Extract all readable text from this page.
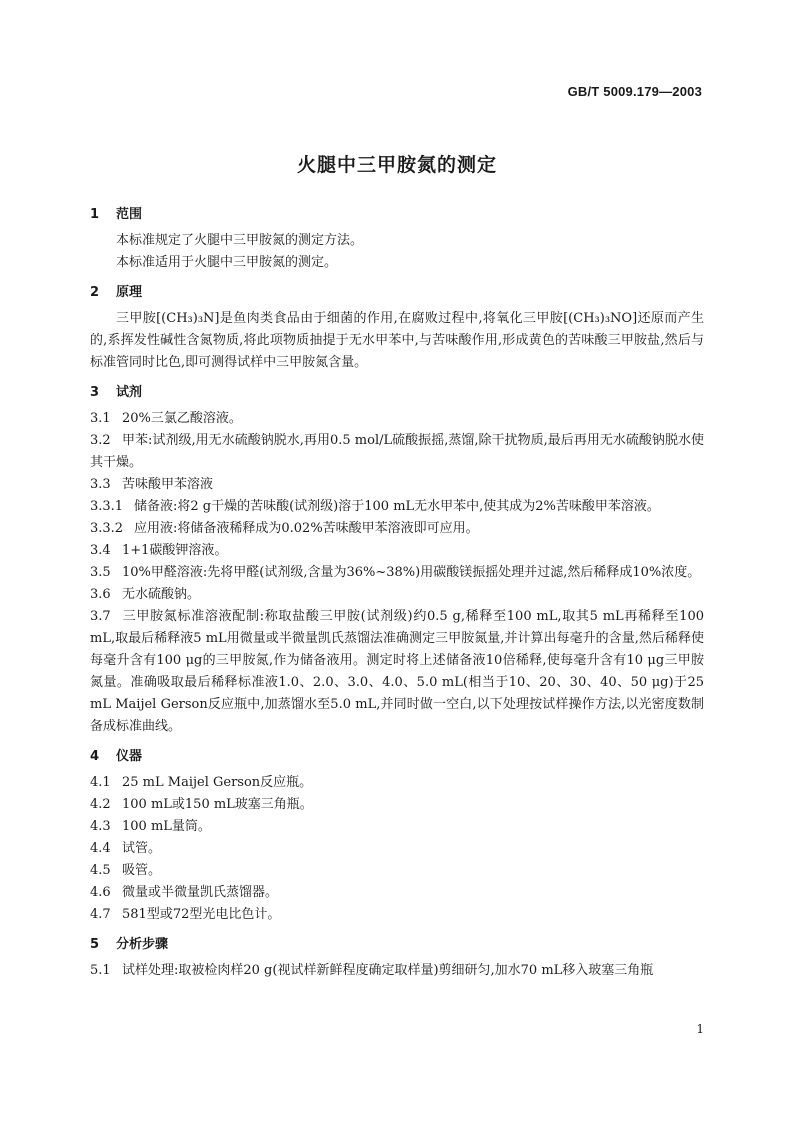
GB/T 5009.179—2003
火腿中三甲胺氮的测定
1 范围

本标准规定了火腿中三甲胺氮的测定方法。

本标准适用于火腿中三甲胺氮的测定。

2 原理

三甲胺[(CH₃)₃N]是鱼肉类食品由于细菌的作用,在腐败过程中,将氧化三甲胺[(CH₃)₃NO]还原而产生的,系挥发性碱性含氮物质,将此项物质抽提于无水甲苯中,与苦味酸作用,形成黄色的苦味酸三甲胺盐,然后与标准管同时比色,即可测得试样中三甲胺氮含量。

3 试剂

3.1 20%三氯乙酸溶液。

3.2 甲苯:试剂级,用无水硫酸钠脱水,再用0.5 mol/L硫酸振摇,蒸馏,除干扰物质,最后再用无水硫酸钠脱水使其干燥。

3.3 苦味酸甲苯溶液

3.3.1 储备液:将2 g干燥的苦味酸(试剂级)溶于100 mL无水甲苯中,使其成为2%苦味酸甲苯溶液。

3.3.2 应用液:将储备液稀释成为0.02%苦味酸甲苯溶液即可应用。

3.4 1+1碳酸钾溶液。

3.5 10%甲醛溶液:先将甲醛(试剂级,含量为36%~38%)用碳酸镁振摇处理并过滤,然后稀释成10%浓度。

3.6 无水硫酸钠。

3.7 三甲胺氮标准溶液配制:称取盐酸三甲胺(试剂级)约0.5 g,稀释至100 mL,取其5 mL再稀释至100 mL,取最后稀释液5 mL用微量或半微量凯氏蒸馏法准确测定三甲胺氮量,并计算出每毫升的含量,然后稀释使每毫升含有100 μg的三甲胺氮,作为储备液用。测定时将上述储备液10倍稀释,使每毫升含有10 μg三甲胺氮量。准确吸取最后稀释标准液1.0、2.0、3.0、4.0、5.0 mL(相当于10、20、30、40、50 μg)于25 mL Maijel Gerson反应瓶中,加蒸馏水至5.0 mL,并同时做一空白,以下处理按试样操作方法,以光密度数制备成标准曲线。

4 仪器

4.1 25 mL Maijel Gerson反应瓶。

4.2 100 mL或150 mL玻塞三角瓶。

4.3 100 mL量筒。

4.4 试管。

4.5 吸管。

4.6 微量或半微量凯氏蒸馏器。

4.7 581型或72型光电比色计。

5 分析步骤

5.1 试样处理:取被检肉样20 g(视试样新鲜程度确定取样量)剪细研匀,加水70 mL移入玻塞三角瓶

1
